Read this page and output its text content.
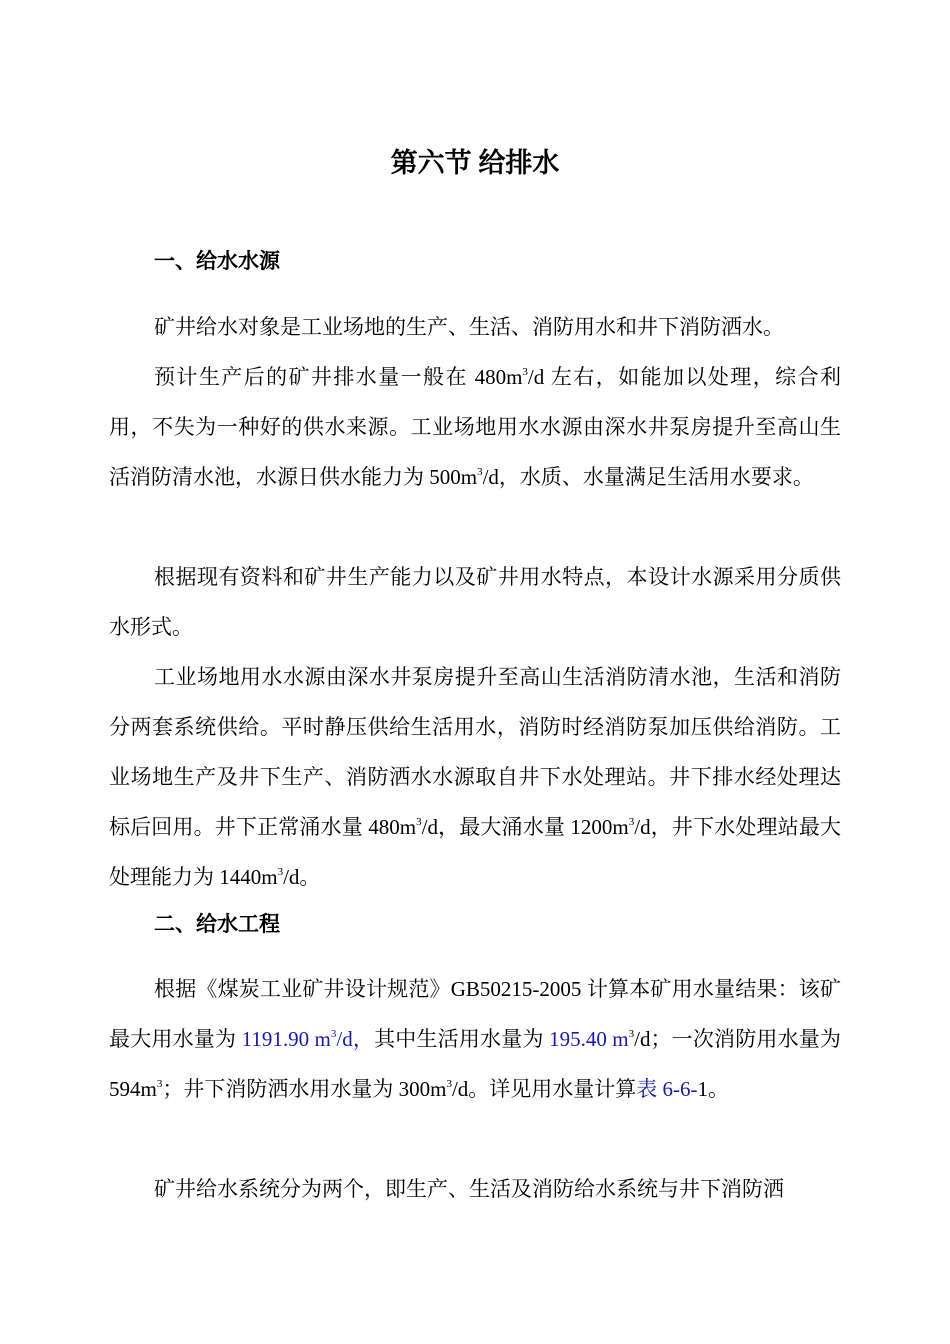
第六节 给排水
一、给水水源

矿井给水对象是工业场地的生产、生活、消防用水和井下消防洒水。

预计生产后的矿井排水量一般在 $480m^3/d$ 左右，如能加以处理，综合利用，不失为一种好的供水来源。工业场地用水水源由深水井泵房提升至高山生活消防清水池，水源日供水能力为 $500m^3/d$，水质、水量满足生活用水要求。

根据现有资料和矿井生产能力以及矿井用水特点，本设计水源采用分质供水形式。

工业场地用水水源由深水井泵房提升至高山生活消防清水池，生活和消防分两套系统供给。平时静压供给生活用水，消防时经消防泵加压供给消防。工业场地生产及井下生产、消防洒水水源取自井下水处理站。井下排水经处理达标后回用。井下正常涌水量 $480m^3/d$，最大涌水量 $1200m^3/d$，井下水处理站最大处理能力为 $1440m^3/d$。

二、给水工程

根据《煤炭工业矿井设计规范》GB50215-2005 计算本矿用水量结果：该矿最大用水量为 1191.90 $m^3/d$，其中生活用水量为 195.40 $m^3/d$；一次消防用水量为 $594m^3$；井下消防洒水用水量为 $300m^3/d$。详见用水量计算表 6-6-1。

矿井给水系统分为两个，即生产、生活及消防给水系统与井下消防洒
